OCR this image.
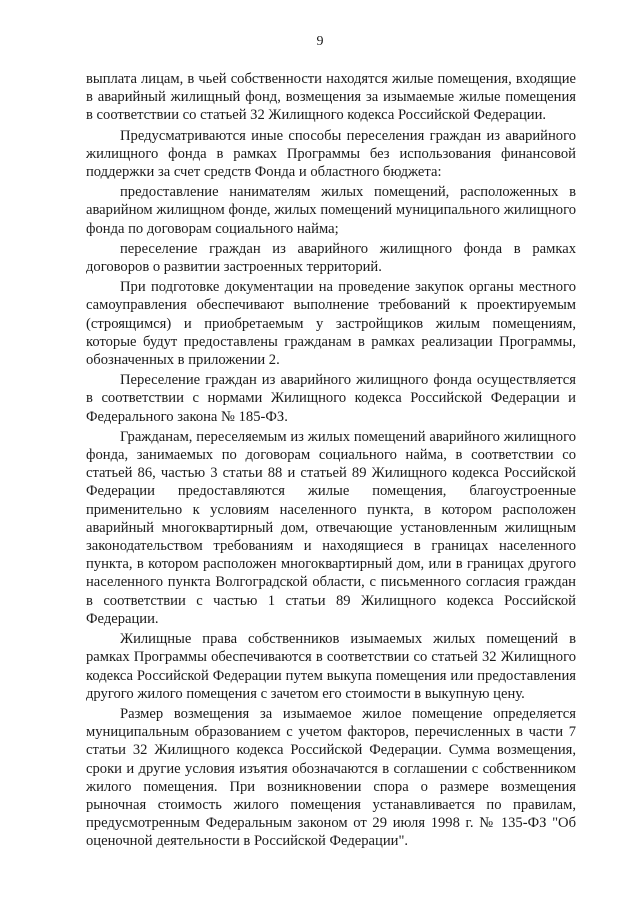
9

выплата лицам, в чьей собственности находятся жилые помещения, входящие в аварийный жилищный фонд, возмещения за изымаемые жилые помещения в соответствии со статьей 32 Жилищного кодекса Российской Федерации.

Предусматриваются иные способы переселения граждан из аварийного жилищного фонда в рамках Программы без использования финансовой поддержки за счет средств Фонда и областного бюджета:

предоставление нанимателям жилых помещений, расположенных в аварийном жилищном фонде, жилых помещений муниципального жилищного фонда по договорам социального найма;

переселение граждан из аварийного жилищного фонда в рамках договоров о развитии застроенных территорий.

При подготовке документации на проведение закупок органы местного самоуправления обеспечивают выполнение требований к проектируемым (строящимся) и приобретаемым у застройщиков жилым помещениям, которые будут предоставлены гражданам в рамках реализации Программы, обозначенных в приложении 2.

Переселение граждан из аварийного жилищного фонда осуществляется в соответствии с нормами Жилищного кодекса Российской Федерации и Федерального закона № 185-ФЗ.

Гражданам, переселяемым из жилых помещений аварийного жилищного фонда, занимаемых по договорам социального найма, в соответствии со статьей 86, частью 3 статьи 88 и статьей 89 Жилищного кодекса Российской Федерации предоставляются жилые помещения, благоустроенные применительно к условиям населенного пункта, в котором расположен аварийный многоквартирный дом, отвечающие установленным жилищным законодательством требованиям и находящиеся в границах населенного пункта, в котором расположен многоквартирный дом, или в границах другого населенного пункта Волгоградской области, с письменного согласия граждан в соответствии с частью 1 статьи 89 Жилищного кодекса Российской Федерации.

Жилищные права собственников изымаемых жилых помещений в рамках Программы обеспечиваются в соответствии со статьей 32 Жилищного кодекса Российской Федерации путем выкупа помещения или предоставления другого жилого помещения с зачетом его стоимости в выкупную цену.

Размер возмещения за изымаемое жилое помещение определяется муниципальным образованием с учетом факторов, перечисленных в части 7 статьи 32 Жилищного кодекса Российской Федерации. Сумма возмещения, сроки и другие условия изъятия обозначаются в соглашении с собственником жилого помещения. При возникновении спора о размере возмещения рыночная стоимость жилого помещения устанавливается по правилам, предусмотренным Федеральным законом от 29 июля 1998 г. № 135-ФЗ "Об оценочной деятельности в Российской Федерации".
